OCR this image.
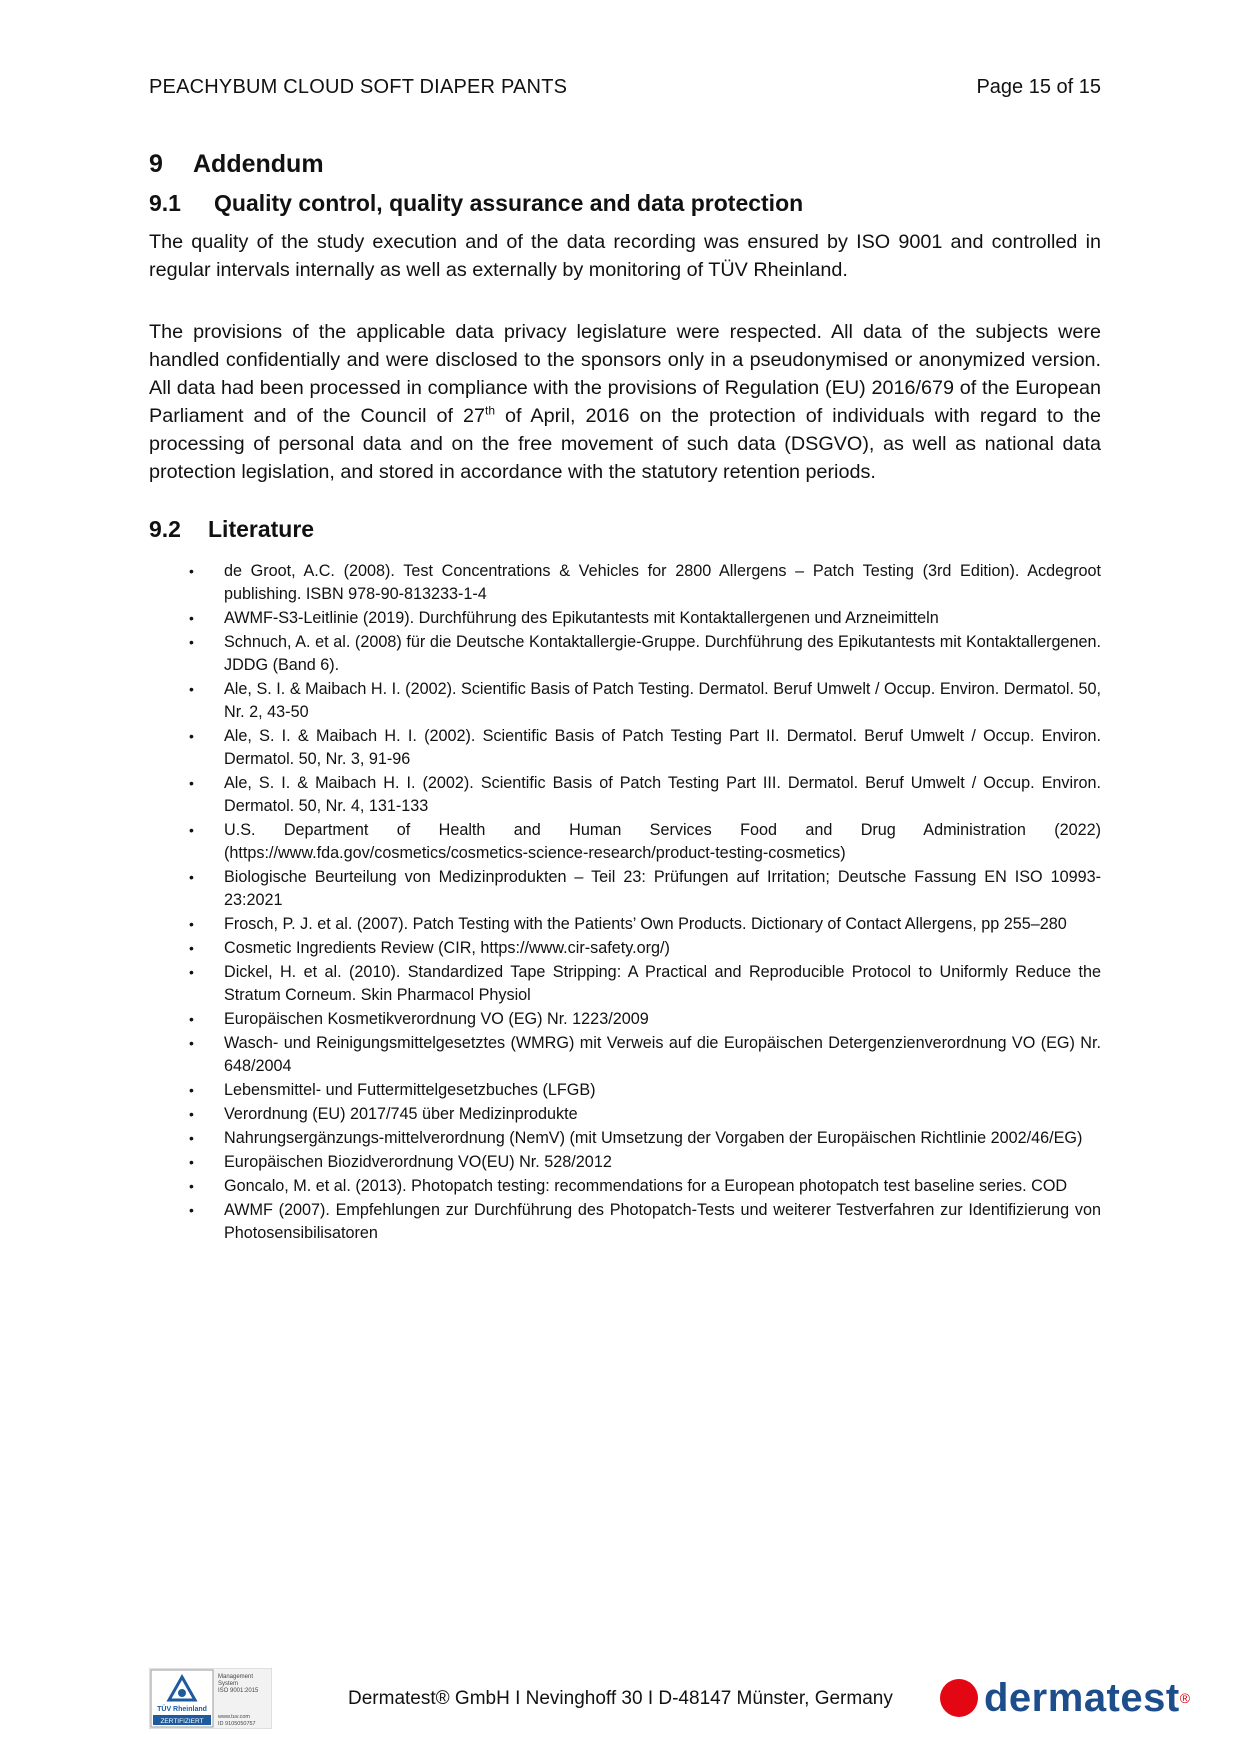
PEACHYBUM CLOUD SOFT DIAPER PANTS	Page 15 of 15
9 Addendum
9.1 Quality control, quality assurance and data protection

The quality of the study execution and of the data recording was ensured by ISO 9001 and controlled in regular intervals internally as well as externally by monitoring of TÜV Rheinland.

The provisions of the applicable data privacy legislature were respected. All data of the subjects were handled confidentially and were disclosed to the sponsors only in a pseudonymised or anonymized version. All data had been processed in compliance with the provisions of Regulation (EU) 2016/679 of the European Parliament and of the Council of 27th of April, 2016 on the protection of individuals with regard to the processing of personal data and on the free movement of such data (DSGVO), as well as national data protection legislation, and stored in accordance with the statutory retention periods.

9.2 Literature
• de Groot, A.C. (2008). Test Concentrations & Vehicles for 2800 Allergens – Patch Testing (3rd Edition). Acdegroot publishing. ISBN 978-90-813233-1-4
• AWMF-S3-Leitlinie (2019). Durchführung des Epikutantests mit Kontaktallergenen und Arzneimitteln
• Schnuch, A. et al. (2008) für die Deutsche Kontaktallergie-Gruppe. Durchführung des Epikutantests mit Kontaktallergenen. JDDG (Band 6).
• Ale, S. I. & Maibach H. I. (2002). Scientific Basis of Patch Testing. Dermatol. Beruf Umwelt / Occup. Environ. Dermatol. 50, Nr. 2, 43-50
• Ale, S. I. & Maibach H. I. (2002). Scientific Basis of Patch Testing Part II. Dermatol. Beruf Umwelt / Occup. Environ. Dermatol. 50, Nr. 3, 91-96
• Ale, S. I. & Maibach H. I. (2002). Scientific Basis of Patch Testing Part III. Dermatol. Beruf Umwelt / Occup. Environ. Dermatol. 50, Nr. 4, 131-133
• U.S. Department of Health and Human Services Food and Drug Administration (2022) (https://www.fda.gov/cosmetics/cosmetics-science-research/product-testing-cosmetics)
• Biologische Beurteilung von Medizinprodukten – Teil 23: Prüfungen auf Irritation; Deutsche Fassung EN ISO 10993-23:2021
• Frosch, P. J. et al. (2007). Patch Testing with the Patients’ Own Products. Dictionary of Contact Allergens, pp 255–280
• Cosmetic Ingredients Review (CIR, https://www.cir-safety.org/)
• Dickel, H. et al. (2010). Standardized Tape Stripping: A Practical and Reproducible Protocol to Uniformly Reduce the Stratum Corneum. Skin Pharmacol Physiol
• Europäischen Kosmetikverordnung VO (EG) Nr. 1223/2009
• Wasch- und Reinigungsmittelgesetztes (WMRG) mit Verweis auf die Europäischen Detergenzienverordnung VO (EG) Nr. 648/2004
• Lebensmittel- und Futtermittelgesetzbuches (LFGB)
• Verordnung (EU) 2017/745 über Medizinprodukte
• Nahrungsergänzungs-mittelverordnung (NemV) (mit Umsetzung der Vorgaben der Europäischen Richtlinie 2002/46/EG)
• Europäischen Biozidverordnung VO(EU) Nr. 528/2012
• Goncalo, M. et al. (2013). Photopatch testing: recommendations for a European photopatch test baseline series. COD
• AWMF (2007). Empfehlungen zur Durchführung des Photopatch-Tests und weiterer Testverfahren zur Identifizierung von Photosensibilisatoren
TÜV Rheinland
ZERTIFIZIERT
Management
System
ISO 9001:2015
www.tuv.com
ID 9105050757
Dermatest® GmbH I Nevinghoff 30 I D-48147 Münster, Germany dermatest ®
